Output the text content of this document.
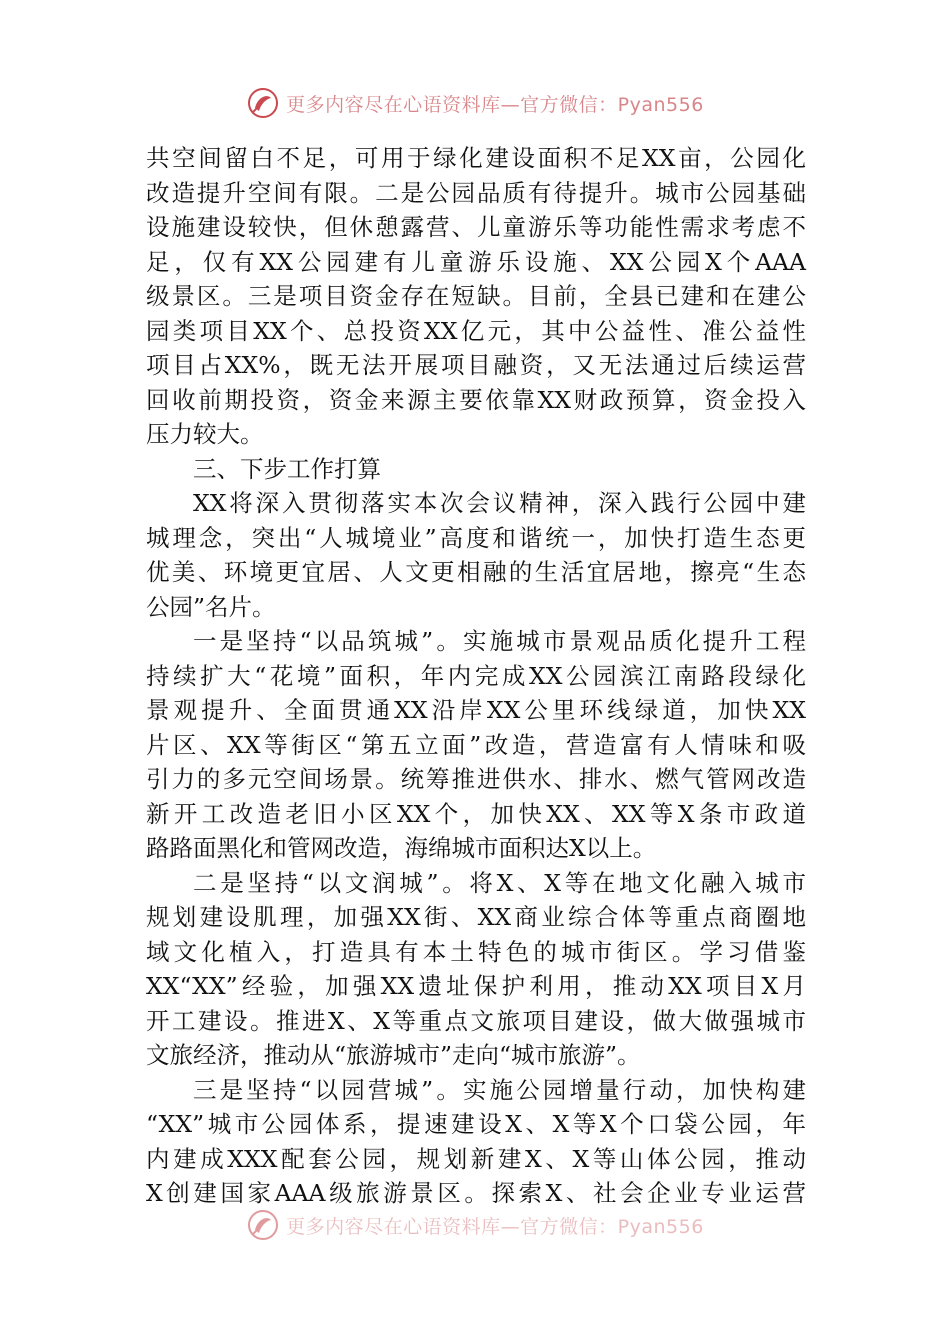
更多内容尽在心语资料库—官方微信：Pyan556

共空间留白不足，可用于绿化建设面积不足XX亩，公园化

改造提升空间有限。二是公园品质有待提升。城市公园基础

设施建设较快，但休憩露营、儿童游乐等功能性需求考虑不

足，仅有XX公园建有儿童游乐设施、XX公园X个AAA

级景区。三是项目资金存在短缺。目前，全县已建和在建公

园类项目XX个、总投资XX亿元，其中公益性、准公益性

项目占XX%，既无法开展项目融资，又无法通过后续运营

回收前期投资，资金来源主要依靠XX财政预算，资金投入

压力较大。

三、下步工作打算

XX将深入贯彻落实本次会议精神，深入践行公园中建

城理念，突出“人城境业”高度和谐统一，加快打造生态更

优美、环境更宜居、人文更相融的生活宜居地，擦亮“生态

公园”名片。

一是坚持“以品筑城”。实施城市景观品质化提升工程

持续扩大“花境”面积，年内完成XX公园滨江南路段绿化

景观提升、全面贯通XX沿岸XX公里环线绿道，加快XX

片区、XX等街区“第五立面”改造，营造富有人情味和吸

引力的多元空间场景。统筹推进供水、排水、燃气管网改造

新开工改造老旧小区XX个，加快XX、XX等X条市政道

路路面黑化和管网改造，海绵城市面积达X以上。

二是坚持“以文润城”。将X、X等在地文化融入城市

规划建设肌理，加强XX街、XX商业综合体等重点商圈地

域文化植入，打造具有本土特色的城市街区。学习借鉴

XX“XX”经验，加强XX遗址保护利用，推动XX项目X月

开工建设。推进X、X等重点文旅项目建设，做大做强城市

文旅经济，推动从“旅游城市”走向“城市旅游”。

三是坚持“以园营城”。实施公园增量行动，加快构建

“XX”城市公园体系，提速建设X、X等X个口袋公园，年

内建成XXX配套公园，规划新建X、X等山体公园，推动

X创建国家AAA级旅游景区。探索X、社会企业专业运营

更多内容尽在心语资料库—官方微信：Pyan556
